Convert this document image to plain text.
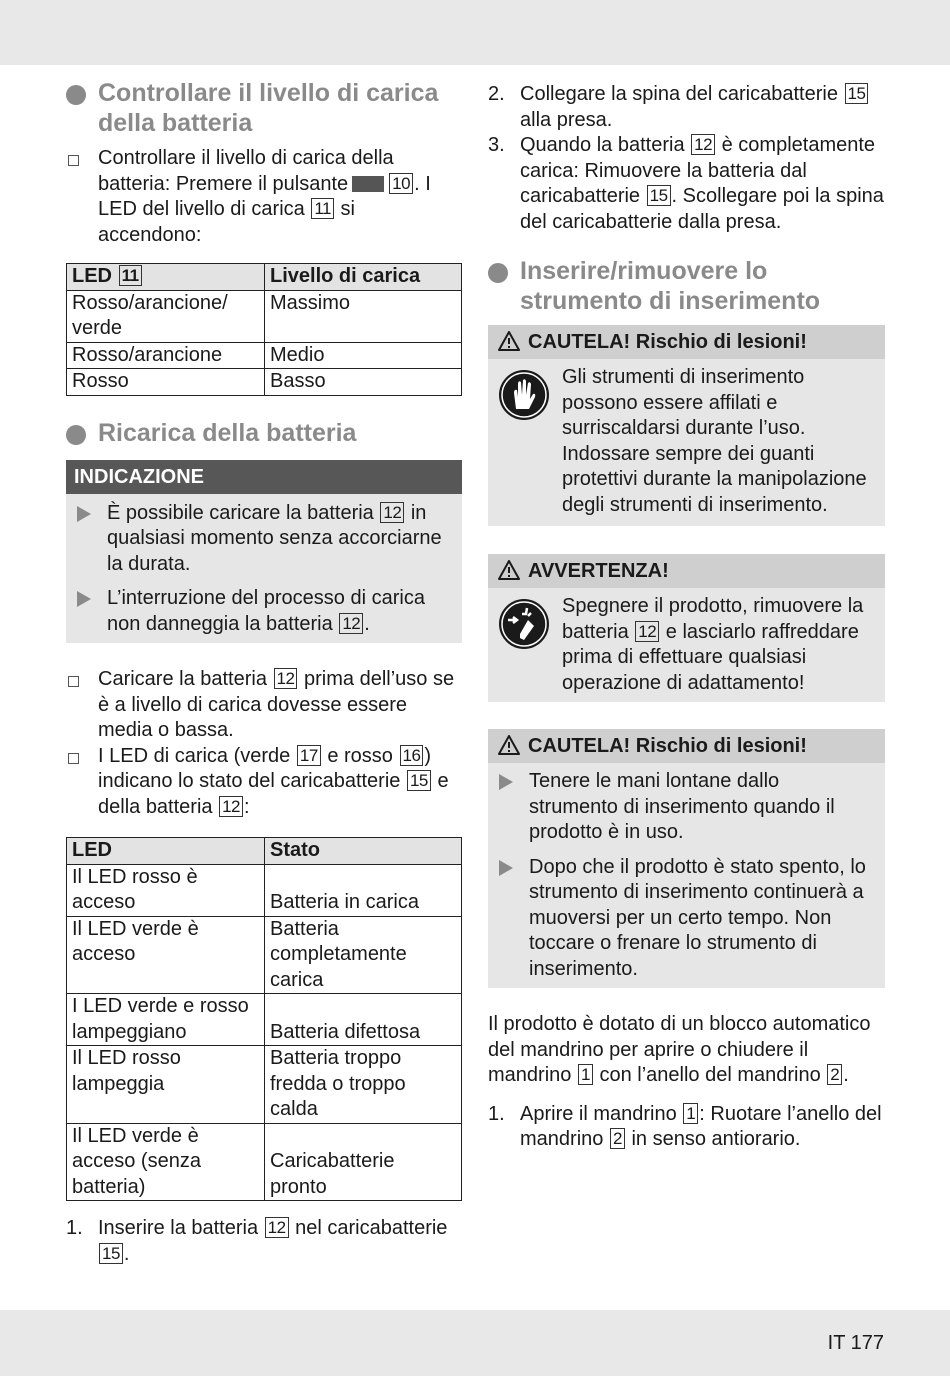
Controllare il livello di carica della batteria
Controllare il livello di carica della batteria: Premere il pulsante	10 . I LED del livello di carica 11 si accendono:
LED 11	Livello di carica
Rosso/arancione/ verde	Massimo
Rosso/arancione	Medio
Rosso	Basso
Ricarica della batteria
INDICAZIONE
È possibile caricare la batteria 12 in qualsiasi momento senza accorciarne la durata.
L’interruzione del processo di carica non danneggia la batteria 12 .
Caricare la batteria 12 prima dell’uso se è a livello di carica dovesse essere media o bassa.
I LED di carica (verde 17 e rosso 16 ) indicano lo stato del caricabatterie 15 e della batteria 12 :
LED	Stato
Il LED rosso è acceso	Batteria in carica
Il LED verde è acceso	Batteria completamente carica
I LED verde e rosso lampeggiano	Batteria difettosa
Il LED rosso lampeggia	Batteria troppo fredda o troppo calda
Il LED verde è acceso (senza batteria)	Caricabatterie pronto
1. Inserire la batteria 12 nel caricabatterie 15 .
2. Collegare la spina del caricabatterie 15 alla presa.
3. Quando la batteria 12 è completamente carica: Rimuovere la batteria dal caricabatterie 15 . Scollegare poi la spina del caricabatterie dalla presa.
Inserire/rimuovere lo strumento di inserimento
CAUTELA! Rischio di lesioni!
Gli strumenti di inserimento possono essere affilati e surriscaldarsi durante l’uso. Indossare sempre dei guanti protettivi durante la manipolazione degli strumenti di inserimento.
AVVERTENZA!
Spegnere il prodotto, rimuovere la batteria 12 e lasciarlo raffreddare prima di effettuare qualsiasi operazione di adattamento!
CAUTELA! Rischio di lesioni!
Tenere le mani lontane dallo strumento di inserimento quando il prodotto è in uso.
Dopo che il prodotto è stato spento, lo strumento di inserimento continuerà a muoversi per un certo tempo. Non toccare o frenare lo strumento di inserimento.
Il prodotto è dotato di un blocco automatico del mandrino per aprire o chiudere il mandrino 1 con l’anello del mandrino 2 .
1. Aprire il mandrino 1 : Ruotare l’anello del mandrino 2 in senso antiorario.
IT 177
